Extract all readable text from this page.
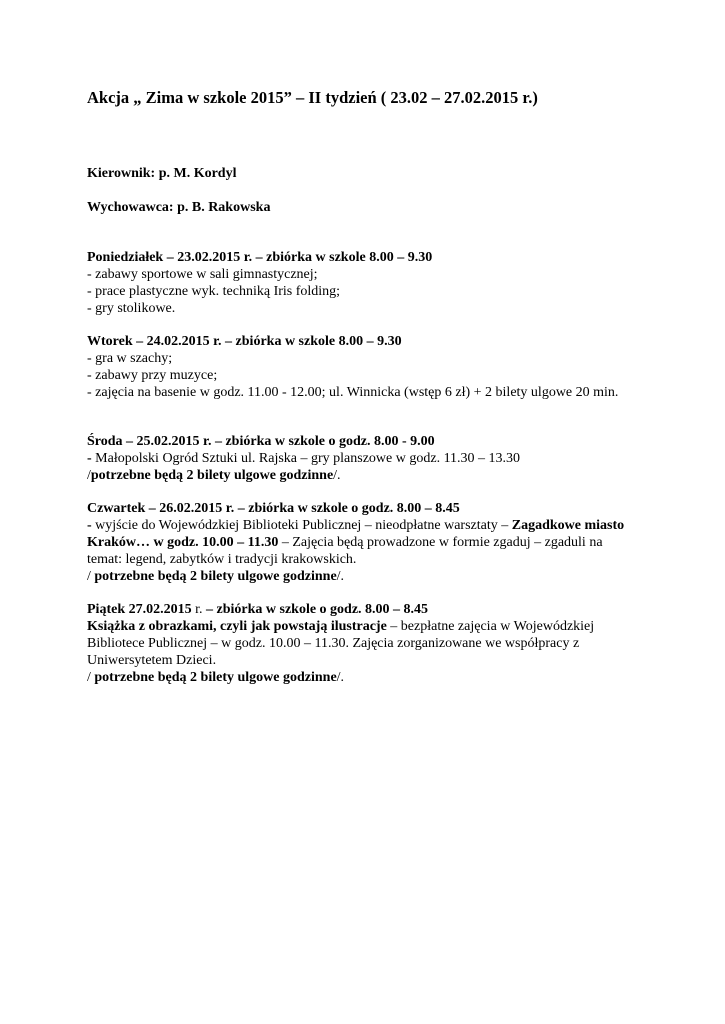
Akcja „ Zima w szkole 2015” – II tydzień ( 23.02 – 27.02.2015 r.)
Kierownik: p. M. Kordyl
Wychowawca: p. B. Rakowska

Poniedziałek – 23.02.2015 r. – zbiórka w szkole 8.00 – 9.30

- zabawy sportowe w sali gimnastycznej;

- prace plastyczne wyk. techniką Iris folding;

- gry stolikowe.

Wtorek – 24.02.2015 r. – zbiórka w szkole 8.00 – 9.30

- gra w szachy;

- zabawy przy muzyce;

- zajęcia na basenie w godz. 11.00 - 12.00; ul. Winnicka (wstęp 6 zł) + 2 bilety ulgowe 20 min.

Środa – 25.02.2015 r. – zbiórka w szkole o godz. 8.00 - 9.00

- Małopolski Ogród Sztuki ul. Rajska – gry planszowe w godz. 11.30 – 13.30

/potrzebne będą 2 bilety ulgowe godzinne/.

Czwartek – 26.02.2015 r. – zbiórka w szkole o godz. 8.00 – 8.45

- wyjście do Wojewódzkiej Biblioteki Publicznej – nieodpłatne warsztaty – Zagadkowe miasto Kraków… w godz. 10.00 – 11.30 – Zajęcia będą prowadzone w formie zgaduj – zgaduli na temat: legend, zabytków i tradycji krakowskich.

/ potrzebne będą 2 bilety ulgowe godzinne/.

Piątek 27.02.2015 r. – zbiórka w szkole o godz. 8.00 – 8.45

Książka z obrazkami, czyli jak powstają ilustracje – bezpłatne zajęcia w Wojewódzkiej Bibliotece Publicznej – w godz. 10.00 – 11.30. Zajęcia zorganizowane we współpracy z Uniwersytetem Dzieci.

/ potrzebne będą 2 bilety ulgowe godzinne/.
